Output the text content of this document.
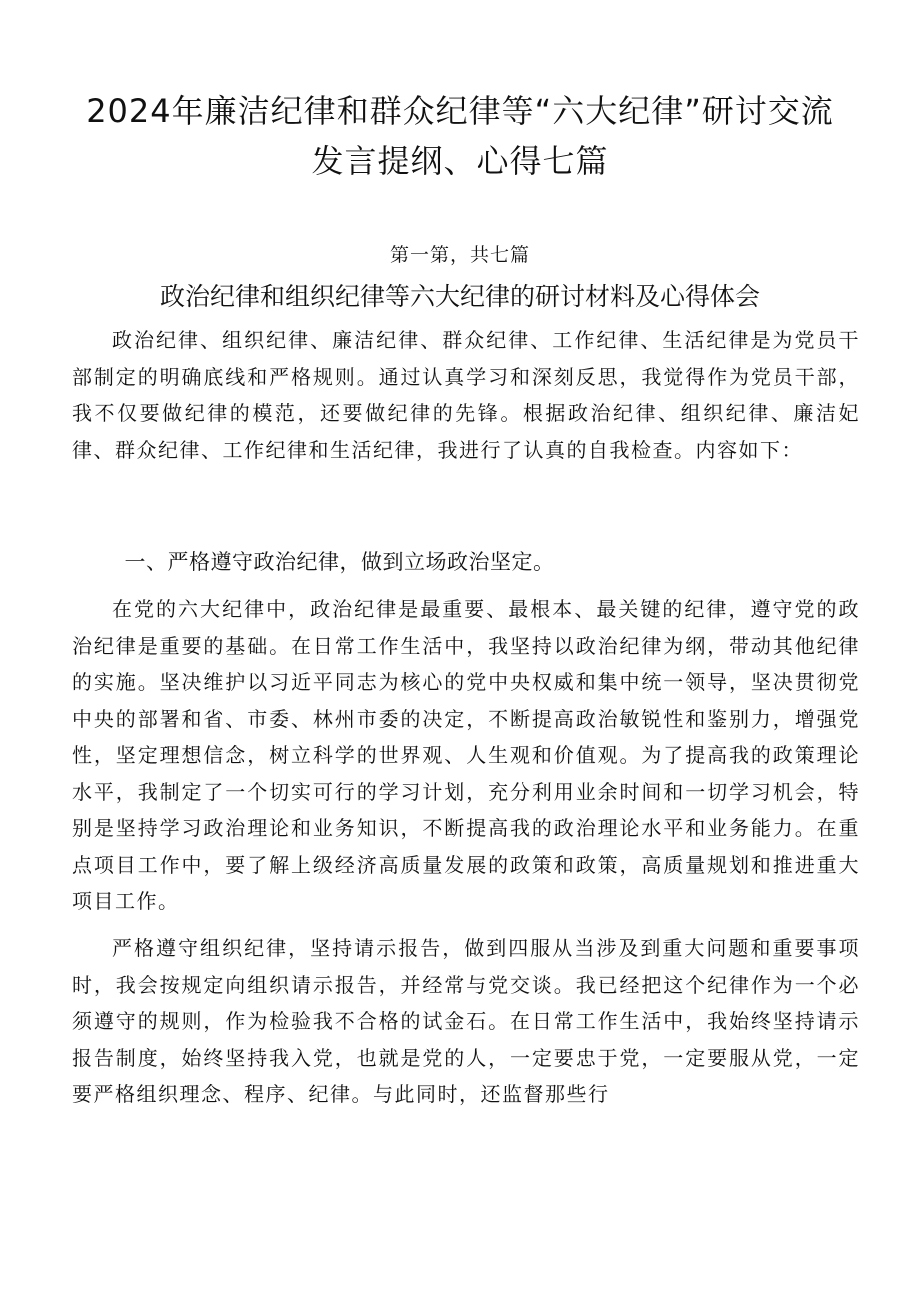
2024年廉洁纪律和群众纪律等“六大纪律”研讨交流发言提纲、心得七篇
第一第，共七篇
政治纪律和组织纪律等六大纪律的研讨材料及心得体会

政治纪律、组织纪律、廉洁纪律、群众纪律、工作纪律、生活纪律是为党员干部制定的明确底线和严格规则。通过认真学习和深刻反思，我觉得作为党员干部，我不仅要做纪律的模范，还要做纪律的先锋。根据政治纪律、组织纪律、廉洁妃律、群众纪律、工作纪律和生活纪律，我进行了认真的自我检查。内容如下：

一、严格遵守政治纪律，做到立场政治坚定。

在党的六大纪律中，政治纪律是最重要、最根本、最关键的纪律，遵守党的政治纪律是重要的基础。在日常工作生活中，我坚持以政治纪律为纲，带动其他纪律的实施。坚决维护以习近平同志为核心的党中央权威和集中统一领导，坚决贯彻党中央的部署和省、市委、林州市委的决定，不断提高政治敏锐性和鉴别力，增强党性，坚定理想信念，树立科学的世界观、人生观和价值观。为了提高我的政策理论水平，我制定了一个切实可行的学习计划，充分利用业余时间和一切学习机会，特别是坚持学习政治理论和业务知识，不断提高我的政治理论水平和业务能力。在重点项目工作中，要了解上级经济高质量发展的政策和政策，高质量规划和推进重大项目工作。

严格遵守组织纪律，坚持请示报告，做到四服从当涉及到重大问题和重要事项时，我会按规定向组织请示报告，并经常与党交谈。我已经把这个纪律作为一个必须遵守的规则，作为检验我不合格的试金石。在日常工作生活中，我始终坚持请示报告制度，始终坚持我入党，也就是党的人，一定要忠于党，一定要服从党，一定要严格组织理念、程序、纪律。与此同时，还监督那些行
